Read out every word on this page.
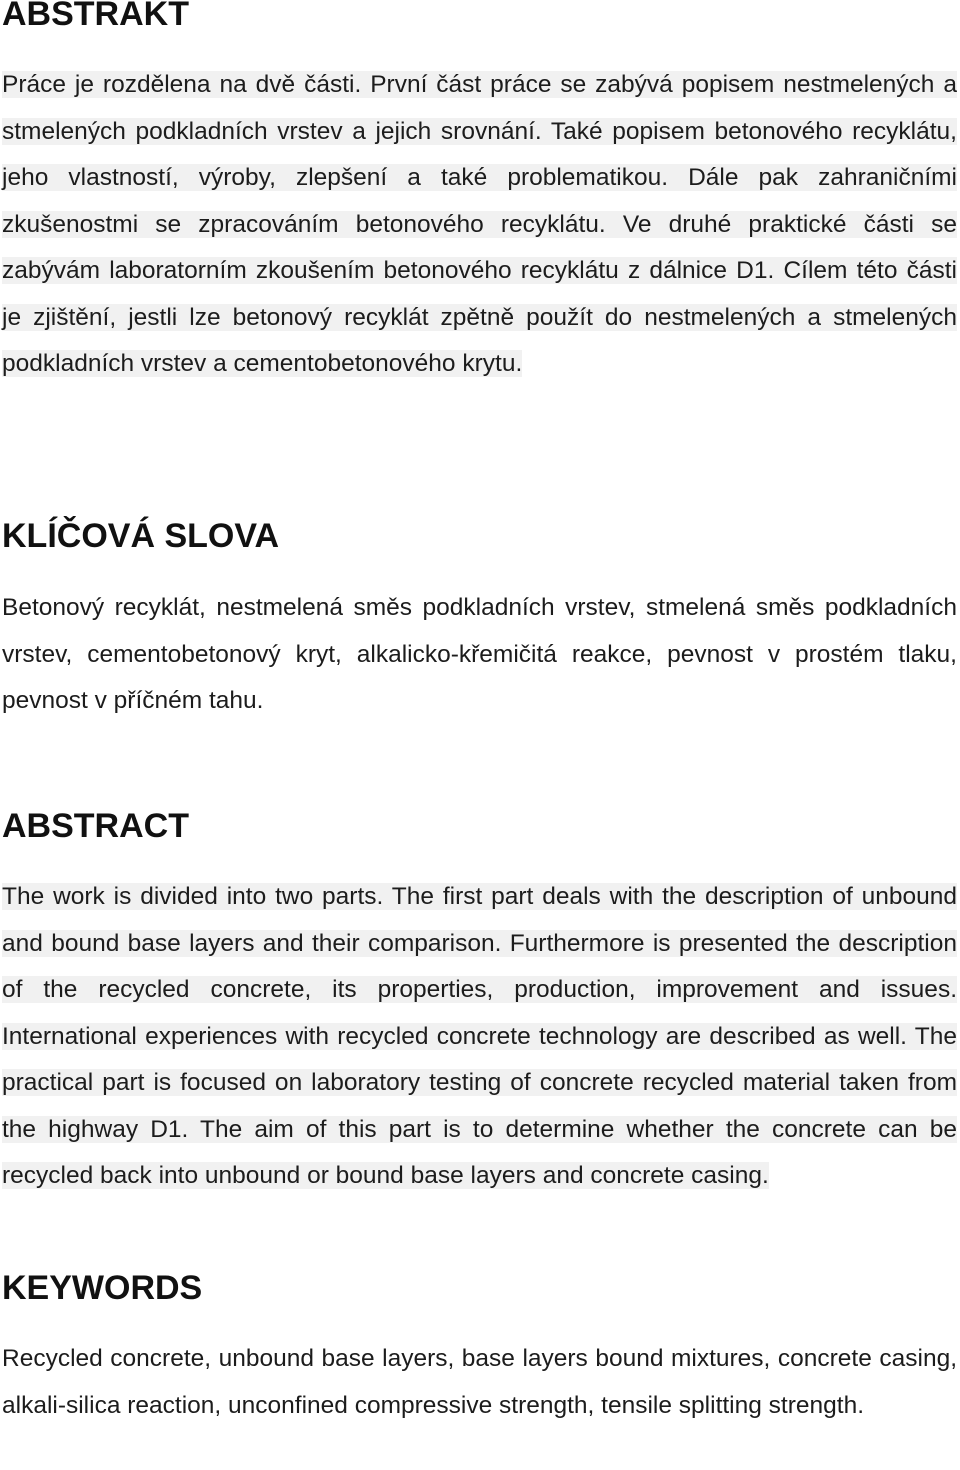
ABSTRAKT

Práce je rozdělena na dvě části. První část práce se zabývá popisem nestmelených a stmelených podkladních vrstev a jejich srovnání. Také popisem betonového recyklátu, jeho vlastností, výroby, zlepšení a také problematikou. Dále pak zahraničními zkušenostmi se zpracováním betonového recyklátu. Ve druhé praktické části se zabývám laboratorním zkoušením betonového recyklátu z dálnice D1. Cílem této části je zjištění, jestli lze betonový recyklát zpětně použít do nestmelených a stmelených podkladních vrstev a cementobetonového krytu.

KLÍČOVÁ SLOVA

Betonový recyklát, nestmelená směs podkladních vrstev, stmelená směs podkladních vrstev, cementobetonový kryt, alkalicko-křemičitá reakce, pevnost v prostém tlaku, pevnost v příčném tahu.

ABSTRACT

The work is divided into two parts. The first part deals with the description of unbound and bound base layers and their comparison. Furthermore is presented the description of the recycled concrete, its properties, production, improvement and issues. International experiences with recycled concrete technology are described as well. The practical part is focused on laboratory testing of concrete recycled material taken from the highway D1. The aim of this part is to determine whether the concrete can be recycled back into unbound or bound base layers and concrete casing.

KEYWORDS

Recycled concrete, unbound base layers, base layers bound mixtures, concrete casing, alkali-silica reaction, unconfined compressive strength, tensile splitting strength.
